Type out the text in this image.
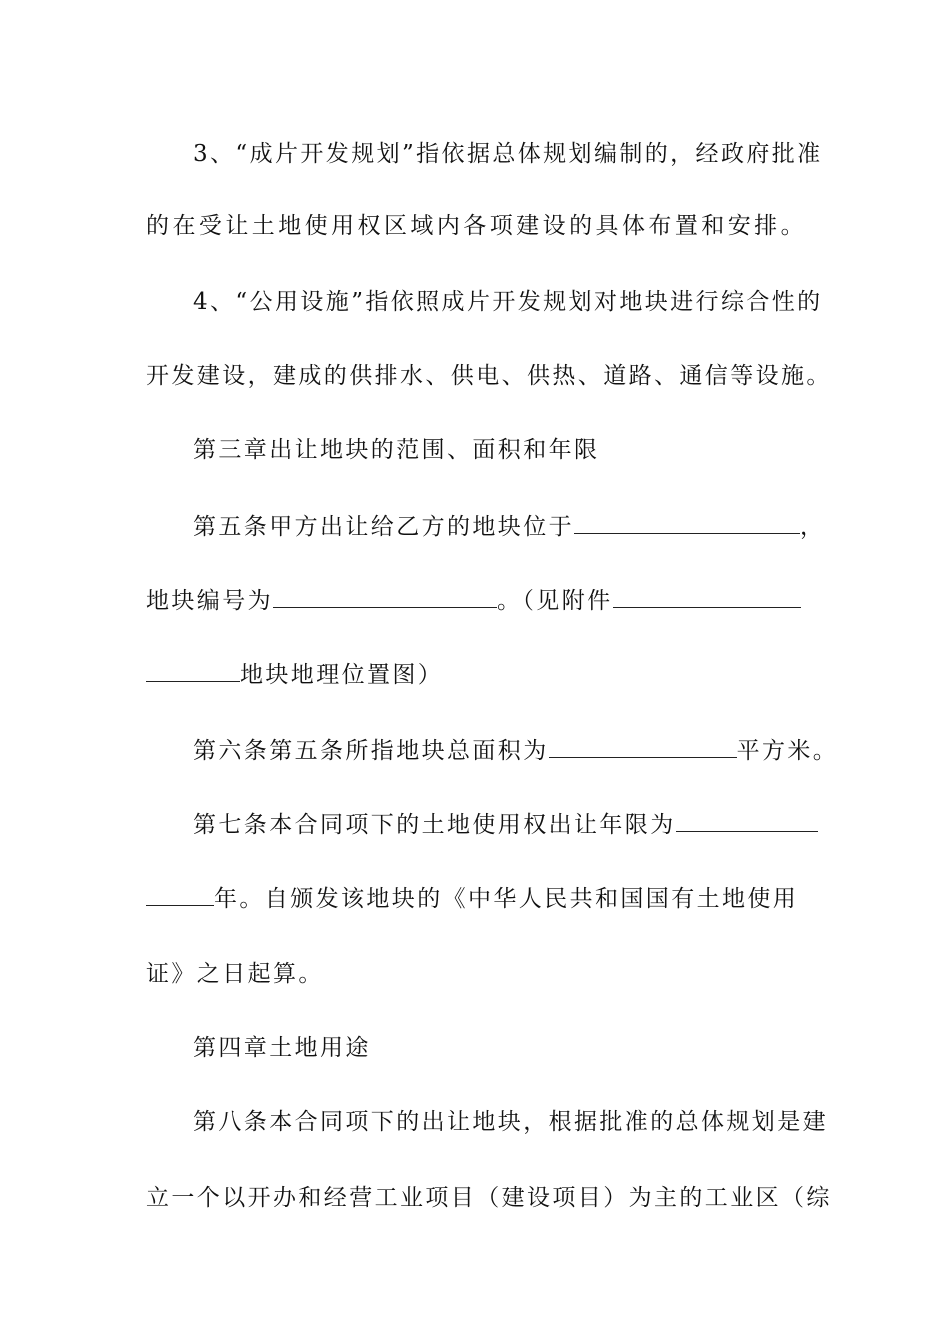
3、“成片开发规划”指依据总体规划编制的，经政府批准
的在受让土地使用权区域内各项建设的具体布置和安排。
4、“公用设施”指依照成片开发规划对地块进行综合性的
开发建设，建成的供排水、供电、供热、道路、通信等设施。
第三章出让地块的范围、面积和年限
第五条甲方出让给乙方的地块位于	，
地块编号为	。（见附件
地块地理位置图）
第六条第五条所指地块总面积为	平方米。
第七条本合同项下的土地使用权出让年限为
年。自颁发该地块的《中华人民共和国国有土地使用
证》之日起算。
第四章土地用途
第八条本合同项下的出让地块，根据批准的总体规划是建
立一个以开办和经营工业项目（建设项目）为主的工业区（综
